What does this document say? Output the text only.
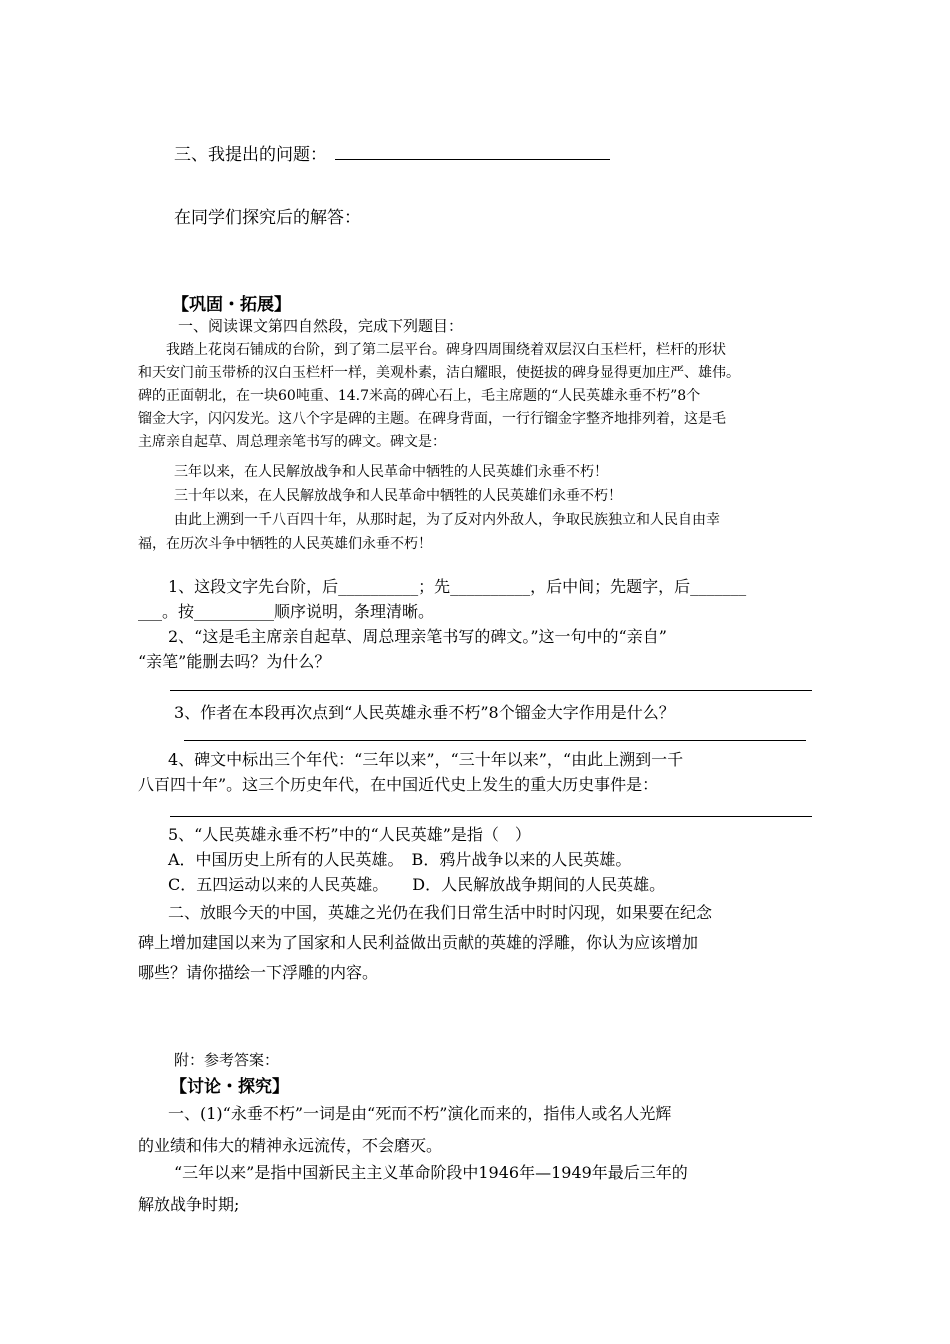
三、我提出的问题：
在同学们探究后的解答：
【巩固・拓展】
一、阅读课文第四自然段，完成下列题目：
我踏上花岗石铺成的台阶，到了第二层平台。碑身四周围绕着双层汉白玉栏杆，栏杆的形状
和天安门前玉带桥的汉白玉栏杆一样，美观朴素，洁白耀眼，使挺拔的碑身显得更加庄严、雄伟。
碑的正面朝北，在一块60吨重、14.7米高的碑心石上，毛主席题的“人民英雄永垂不朽”8个
镏金大字，闪闪发光。这八个字是碑的主题。在碑身背面，一行行镏金字整齐地排列着，这是毛
主席亲自起草、周总理亲笔书写的碑文。碑文是：
三年以来，在人民解放战争和人民革命中牺牲的人民英雄们永垂不朽！
三十年以来，在人民解放战争和人民革命中牺牲的人民英雄们永垂不朽！
由此上溯到一千八百四十年，从那时起，为了反对内外敌人，争取民族独立和人民自由幸
福，在历次斗争中牺牲的人民英雄们永垂不朽！
1、这段文字先台阶，后__________；先__________，后中间；先题字，后_______
___。按__________顺序说明，条理清晰。
2、“这是毛主席亲自起草、周总理亲笔书写的碑文。”这一句中的“亲自”
“亲笔”能删去吗？为什么？
3、作者在本段再次点到“人民英雄永垂不朽”8个镏金大字作用是什么？
4、碑文中标出三个年代：“三年以来”，“三十年以来”，“由此上溯到一千
八百四十年”。这三个历史年代，在中国近代史上发生的重大历史事件是：
5、“人民英雄永垂不朽”中的“人民英雄”是指（　）
A．中国历史上所有的人民英雄。　B．鸦片战争以来的人民英雄。
C．五四运动以来的人民英雄。　　D．人民解放战争期间的人民英雄。
二、放眼今天的中国，英雄之光仍在我们日常生活中时时闪现，如果要在纪念
碑上增加建国以来为了国家和人民利益做出贡献的英雄的浮雕，你认为应该增加
哪些？请你描绘一下浮雕的内容。
附：参考答案：
【讨论・探究】
一、(1)“永垂不朽”一词是由“死而不朽”演化而来的，指伟人或名人光辉
的业绩和伟大的精神永远流传，不会磨灭。
“三年以来”是指中国新民主主义革命阶段中1946年—1949年最后三年的
解放战争时期;
